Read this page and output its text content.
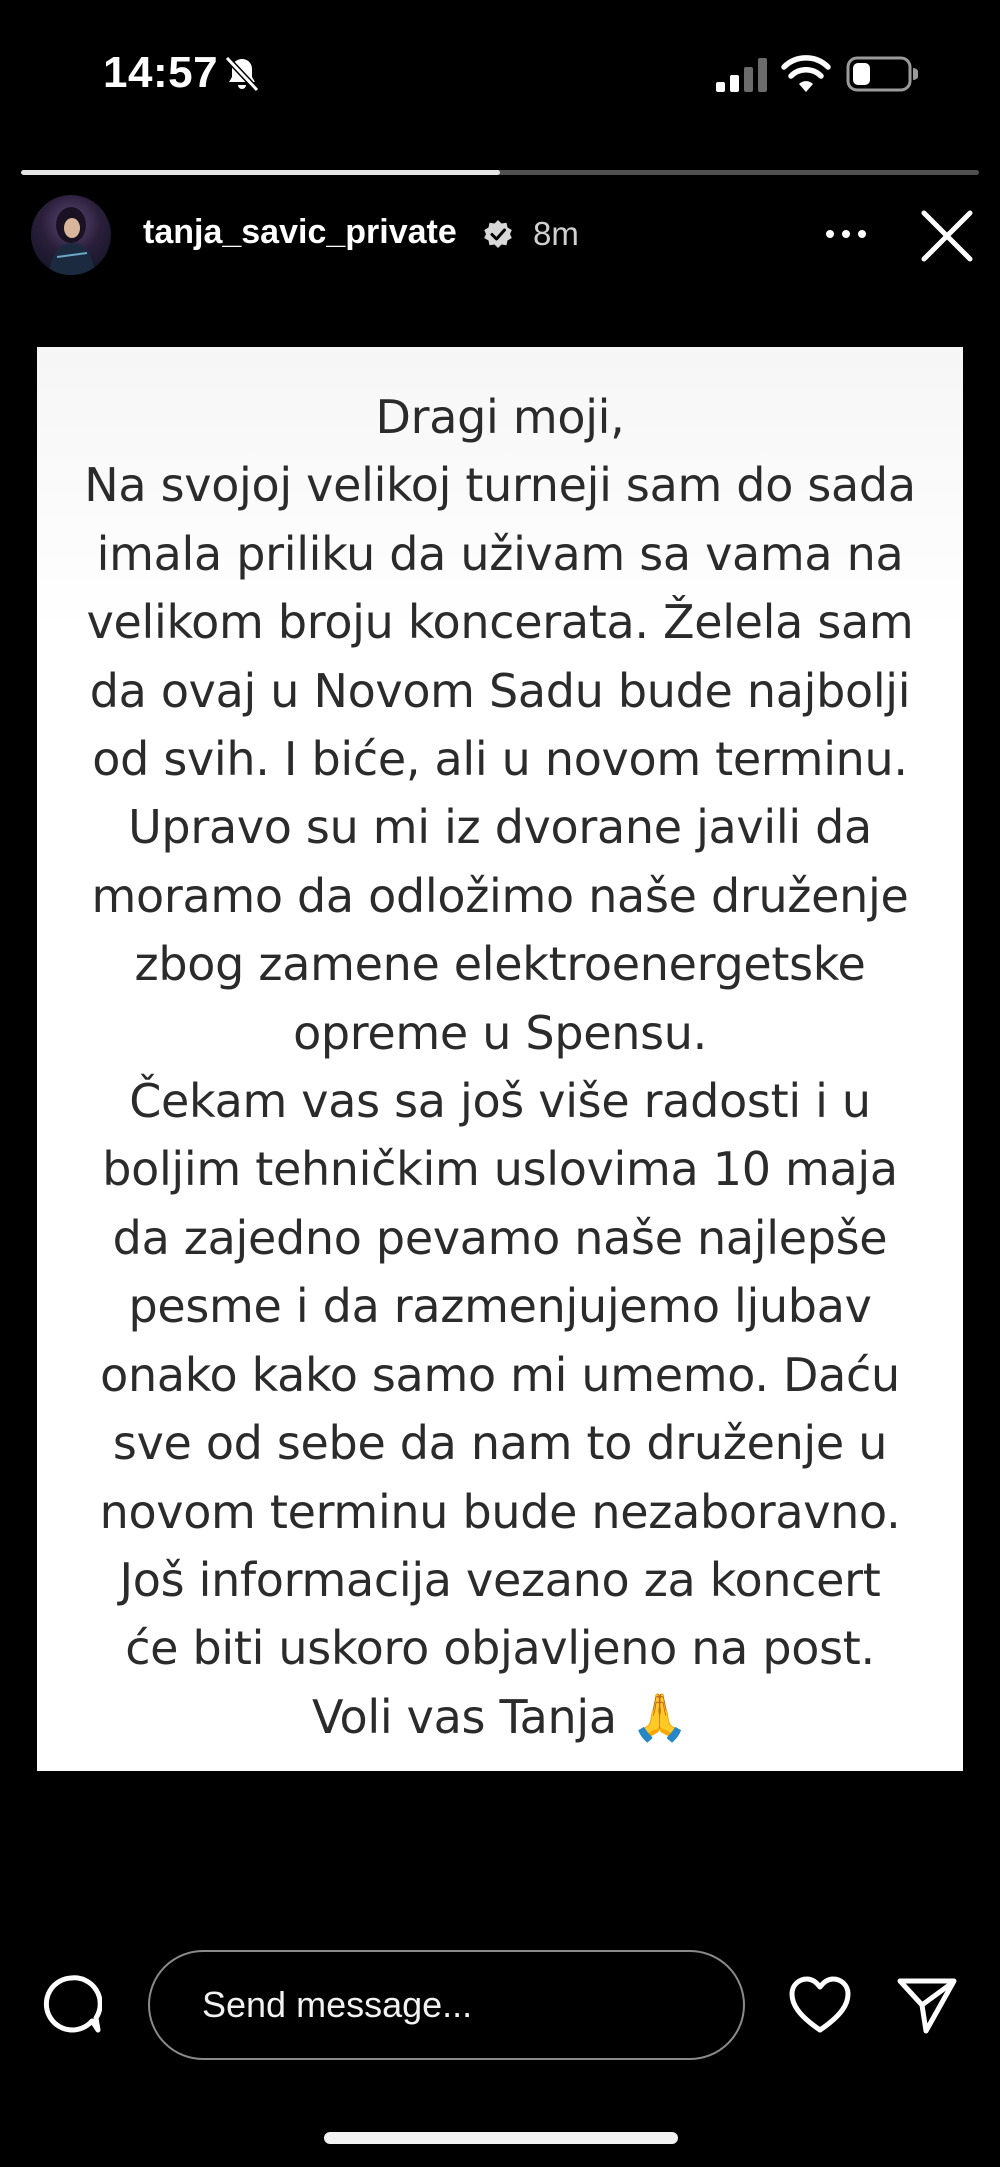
14:57
tanja_savic_private 8m
Dragi moji,
Na svojoj velikoj turneji sam do sada
imala priliku da uživam sa vama na
velikom broju koncerata. Želela sam
da ovaj u Novom Sadu bude najbolji
od svih. I biće, ali u novom terminu.
Upravo su mi iz dvorane javili da
moramo da odložimo naše druženje
zbog zamene elektroenergetske
opreme u Spensu.
Čekam vas sa još više radosti i u
boljim tehničkim uslovima 10 maja
da zajedno pevamo naše najlepše
pesme i da razmenjujemo ljubav
onako kako samo mi umemo. Daću
sve od sebe da nam to druženje u
novom terminu bude nezaboravno.
Još informacija vezano za koncert
će biti uskoro objavljeno na post.
Voli vas Tanja 🙏
Send message...
